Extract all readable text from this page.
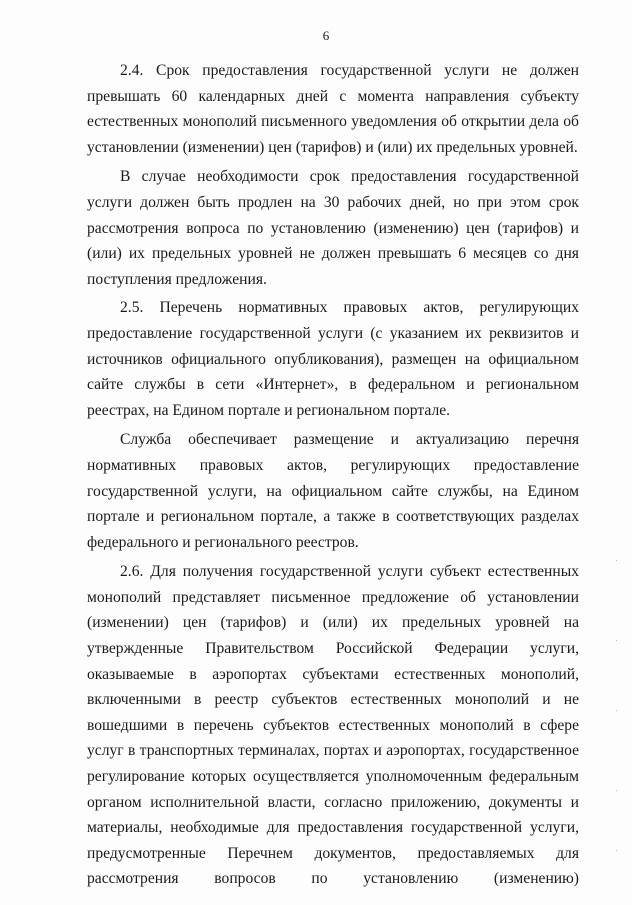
6

2.4. Срок предоставления государственной услуги не должен превышать 60 календарных дней с момента направления субъекту естественных монополий письменного уведомления об открытии дела об установлении (изменении) цен (тарифов) и (или) их предельных уровней.

В случае необходимости срок предоставления государственной услуги должен быть продлен на 30 рабочих дней, но при этом срок рассмотрения вопроса по установлению (изменению) цен (тарифов) и (или) их предельных уровней не должен превышать 6 месяцев со дня поступления предложения.

2.5. Перечень нормативных правовых актов, регулирующих предоставление государственной услуги (с указанием их реквизитов и источников официального опубликования), размещен на официальном сайте службы в сети «Интернет», в федеральном и региональном реестрах, на Едином портале и региональном портале.

Служба обеспечивает размещение и актуализацию перечня нормативных правовых актов, регулирующих предоставление государственной услуги, на официальном сайте службы, на Едином портале и региональном портале, а также в соответствующих разделах федерального и регионального реестров.

2.6. Для получения государственной услуги субъект естественных монополий представляет письменное предложение об установлении (изменении) цен (тарифов) и (или) их предельных уровней на утвержденные Правительством Российской Федерации услуги, оказываемые в аэропортах субъектами естественных монополий, включенными в реестр субъектов естественных монополий и не вошедшими в перечень субъектов естественных монополий в сфере услуг в транспортных терминалах, портах и аэропортах, государственное регулирование которых осуществляется уполномоченным федеральным органом исполнительной власти, согласно приложению, документы и материалы, необходимые для предоставления государственной услуги, предусмотренные Перечнем документов, предоставляемых для рассмотрения вопросов по установлению (изменению)
